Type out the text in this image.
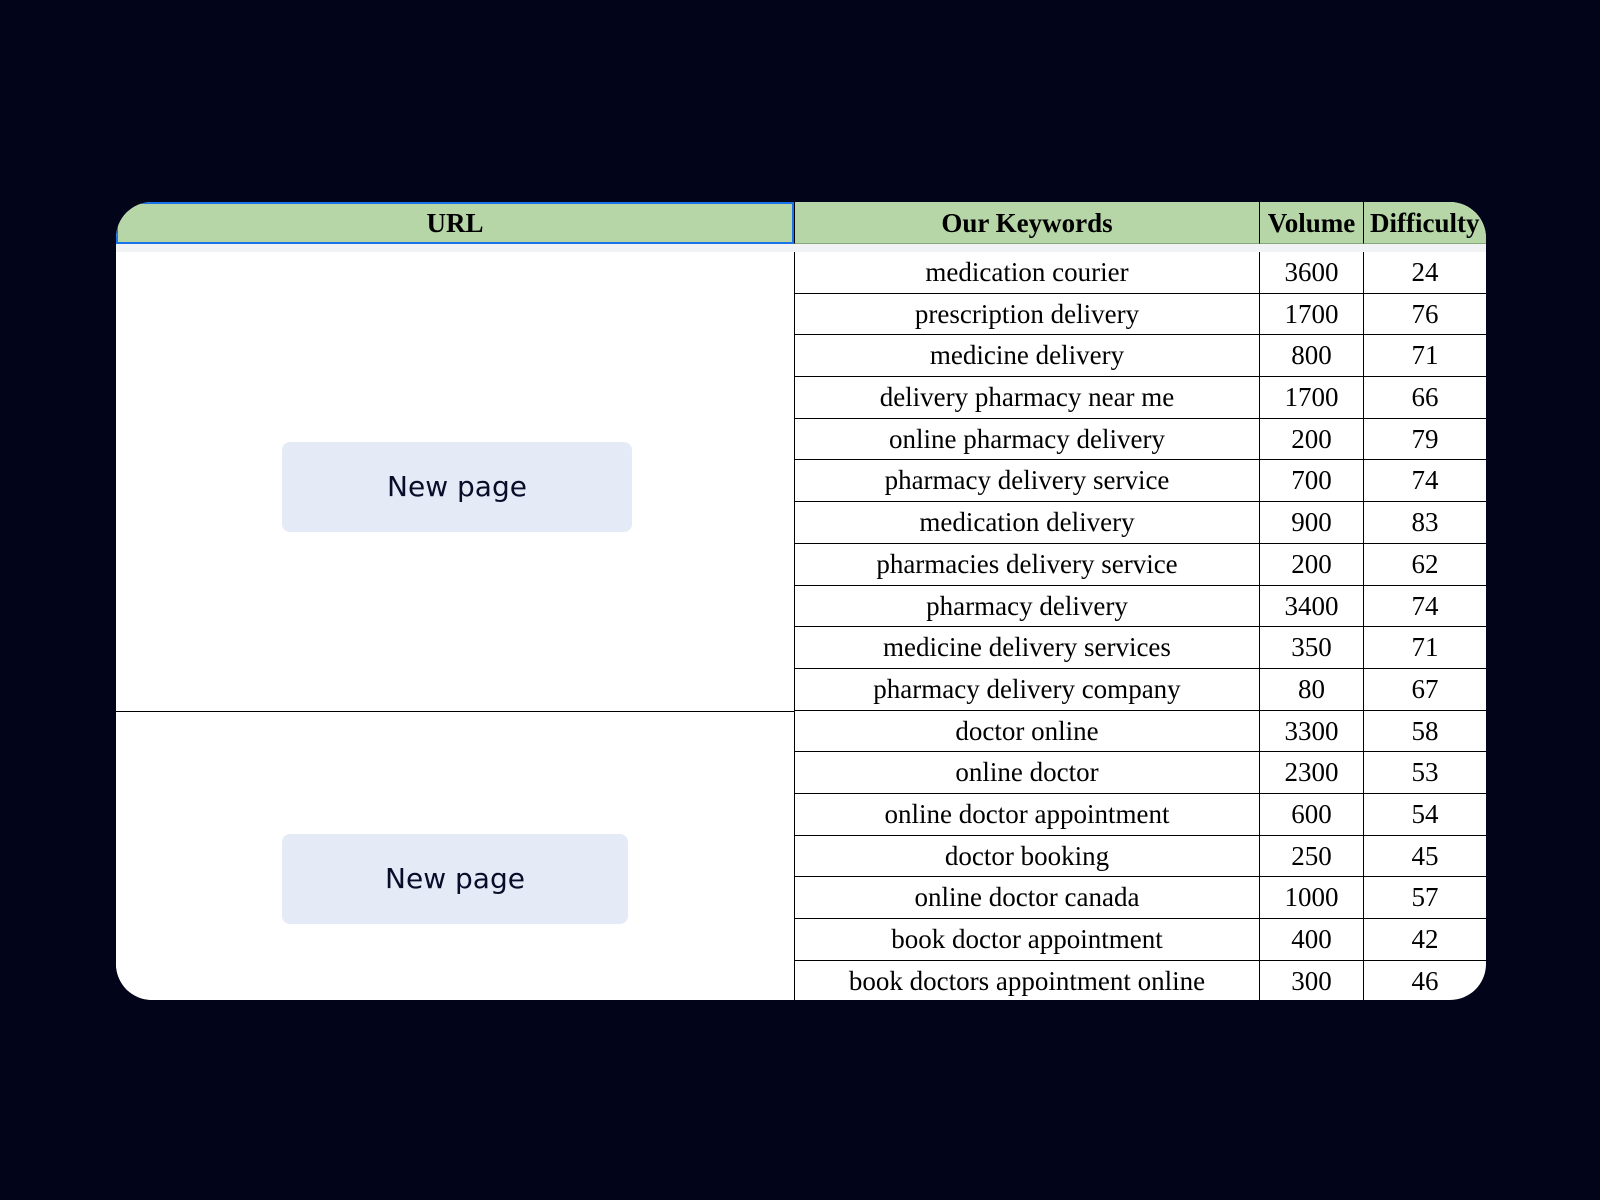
URL	Our Keywords	Volume Difficulty
New page
New page
medication courier	3600	24
prescription delivery	1700	76
medicine delivery	800	71
delivery pharmacy near me	1700	66
online pharmacy delivery	200	79
pharmacy delivery service	700	74
medication delivery	900	83
pharmacies delivery service	200	62
pharmacy delivery	3400	74
medicine delivery services	350	71
pharmacy delivery company	80	67
doctor online	3300	58
online doctor	2300	53
online doctor appointment	600	54
doctor booking	250	45
online doctor canada	1000	57
book doctor appointment	400	42
book doctors appointment online	300	46
